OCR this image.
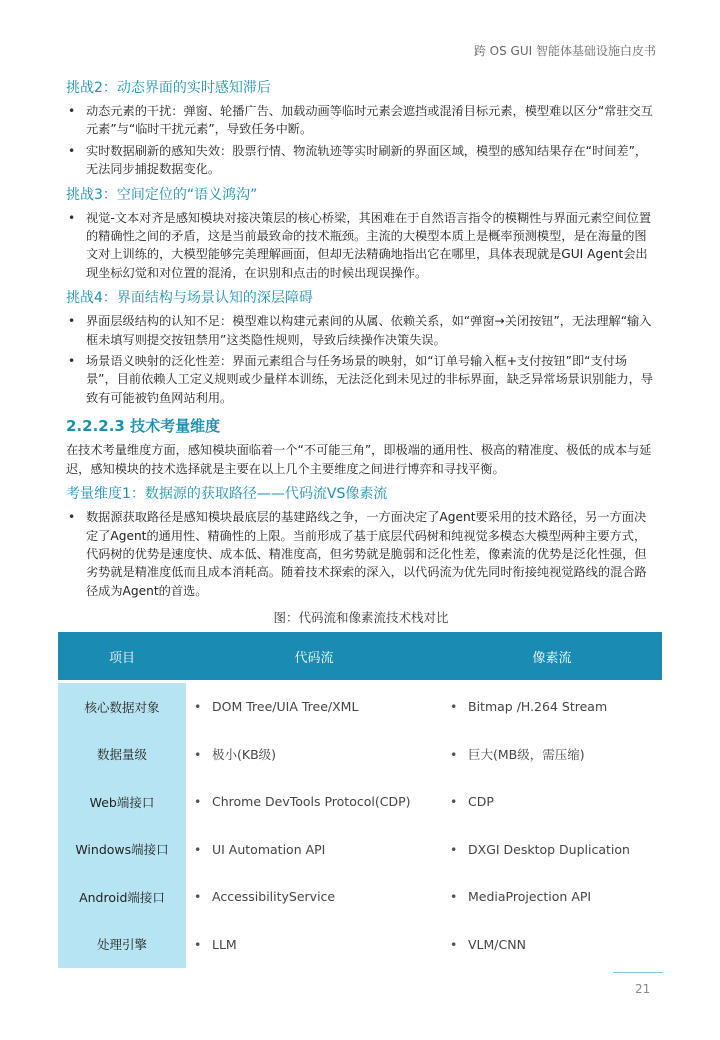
跨 OS GUI 智能体基础设施白皮书
挑战2：动态界面的实时感知滞后
• 动态元素的干扰：弹窗、轮播广告、加载动画等临时元素会遮挡或混淆目标元素，模型难以区分“常驻交互元素”与“临时干扰元素”，导致任务中断。
• 实时数据刷新的感知失效：股票行情、物流轨迹等实时刷新的界面区域，模型的感知结果存在“时间差”，无法同步捕捉数据变化。
挑战3：空间定位的“语义鸿沟”
• 视觉-文本对齐是感知模块对接决策层的核心桥梁，其困难在于自然语言指令的模糊性与界面元素空间位置的精确性之间的矛盾，这是当前最致命的技术瓶颈。主流的大模型本质上是概率预测模型，是在海量的图文对上训练的，大模型能够完美理解画面，但却无法精确地指出它在哪里，具体表现就是GUI Agent会出现坐标幻觉和对位置的混淆，在识别和点击的时候出现误操作。
挑战4：界面结构与场景认知的深层障碍
• 界面层级结构的认知不足：模型难以构建元素间的从属、依赖关系，如“弹窗→关闭按钮”，无法理解“输入框未填写则提交按钮禁用”这类隐性规则，导致后续操作决策失误。
• 场景语义映射的泛化性差：界面元素组合与任务场景的映射，如“订单号输入框+支付按钮”即“支付场景”，目前依赖人工定义规则或少量样本训练，无法泛化到未见过的非标界面，缺乏异常场景识别能力，导致有可能被钓鱼网站利用。
2.2.2.3 技术考量维度

在技术考量维度方面，感知模块面临着一个“不可能三角”，即极端的通用性、极高的精准度、极低的成本与延迟，感知模块的技术选择就是主要在以上几个主要维度之间进行博弈和寻找平衡。

考量维度1：数据源的获取路径——代码流VS像素流
• 数据源获取路径是感知模块最底层的基建路线之争，一方面决定了Agent要采用的技术路径，另一方面决定了Agent的通用性、精确性的上限。当前形成了基于底层代码树和纯视觉多模态大模型两种主要方式，代码树的优势是速度快、成本低、精准度高，但劣势就是脆弱和泛化性差，像素流的优势是泛化性强，但劣势就是精准度低而且成本消耗高。随着技术探索的深入，以代码流为优先同时衔接纯视觉路线的混合路径成为Agent的首选。
图：代码流和像素流技术栈对比
项目	代码流	像素流
核心数据对象	• DOM Tree/UIA Tree/XML	• Bitmap /H.264 Stream
数据量级	• 极小(KB级)	• 巨大(MB级，需压缩)
Web端接口	• Chrome DevTools Protocol(CDP)	• CDP
Windows端接口	• UI Automation API	• DXGI Desktop Duplication
Android端接口	• AccessibilityService	• MediaProjection API
处理引擎	• LLM	• VLM/CNN
21
